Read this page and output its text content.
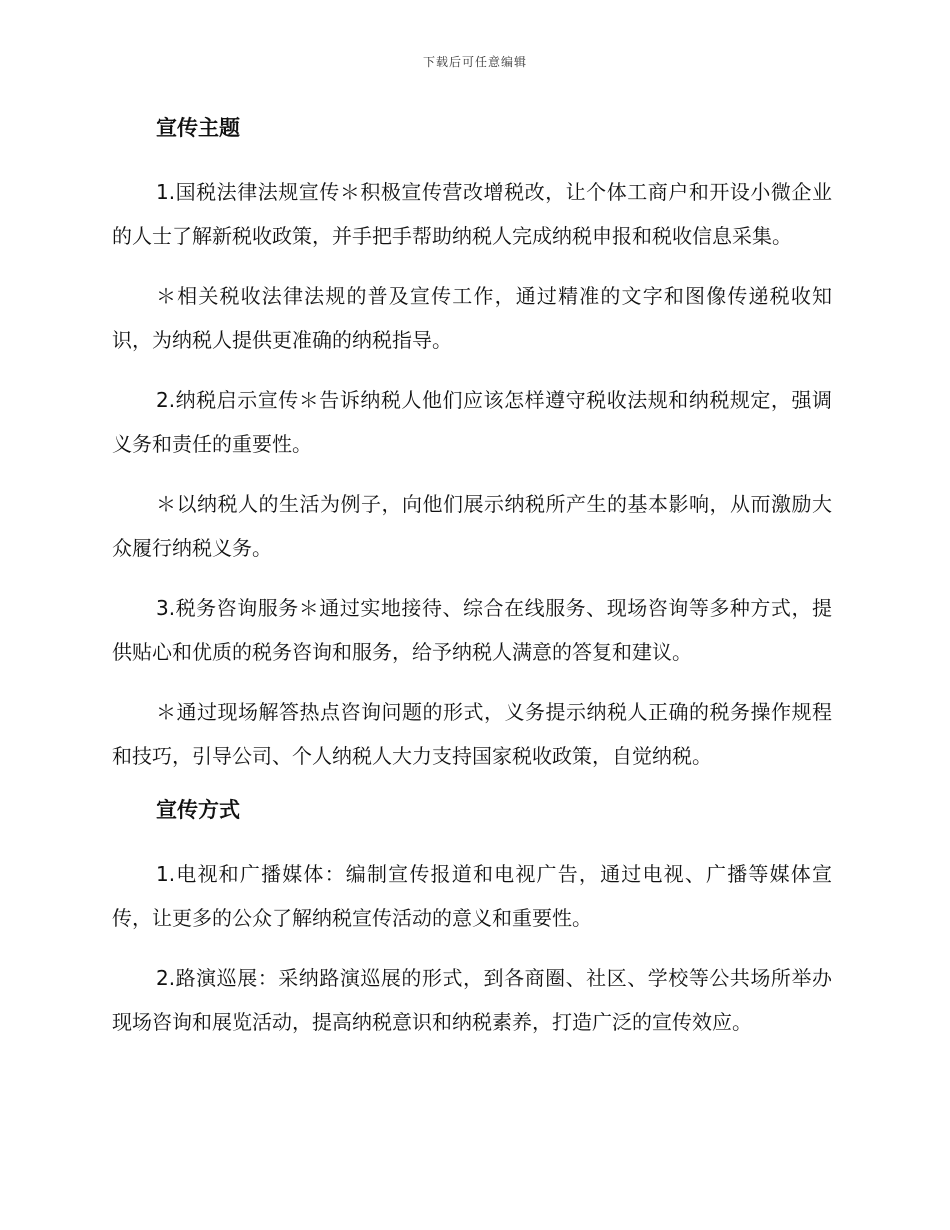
下载后可任意编辑
宣传主题

1.国税法律法规宣传＊积极宣传营改增税改，让个体工商户和开设小微企业的人士了解新税收政策，并手把手帮助纳税人完成纳税申报和税收信息采集。

＊相关税收法律法规的普及宣传工作，通过精准的文字和图像传递税收知识，为纳税人提供更准确的纳税指导。

2.纳税启示宣传＊告诉纳税人他们应该怎样遵守税收法规和纳税规定，强调义务和责任的重要性。

＊以纳税人的生活为例子，向他们展示纳税所产生的基本影响，从而激励大众履行纳税义务。

3.税务咨询服务＊通过实地接待、综合在线服务、现场咨询等多种方式，提供贴心和优质的税务咨询和服务，给予纳税人满意的答复和建议。

＊通过现场解答热点咨询问题的形式，义务提示纳税人正确的税务操作规程和技巧，引导公司、个人纳税人大力支持国家税收政策，自觉纳税。

宣传方式

1.电视和广播媒体：编制宣传报道和电视广告，通过电视、广播等媒体宣传，让更多的公众了解纳税宣传活动的意义和重要性。

2.路演巡展：采纳路演巡展的形式，到各商圈、社区、学校等公共场所举办现场咨询和展览活动，提高纳税意识和纳税素养，打造广泛的宣传效应。
